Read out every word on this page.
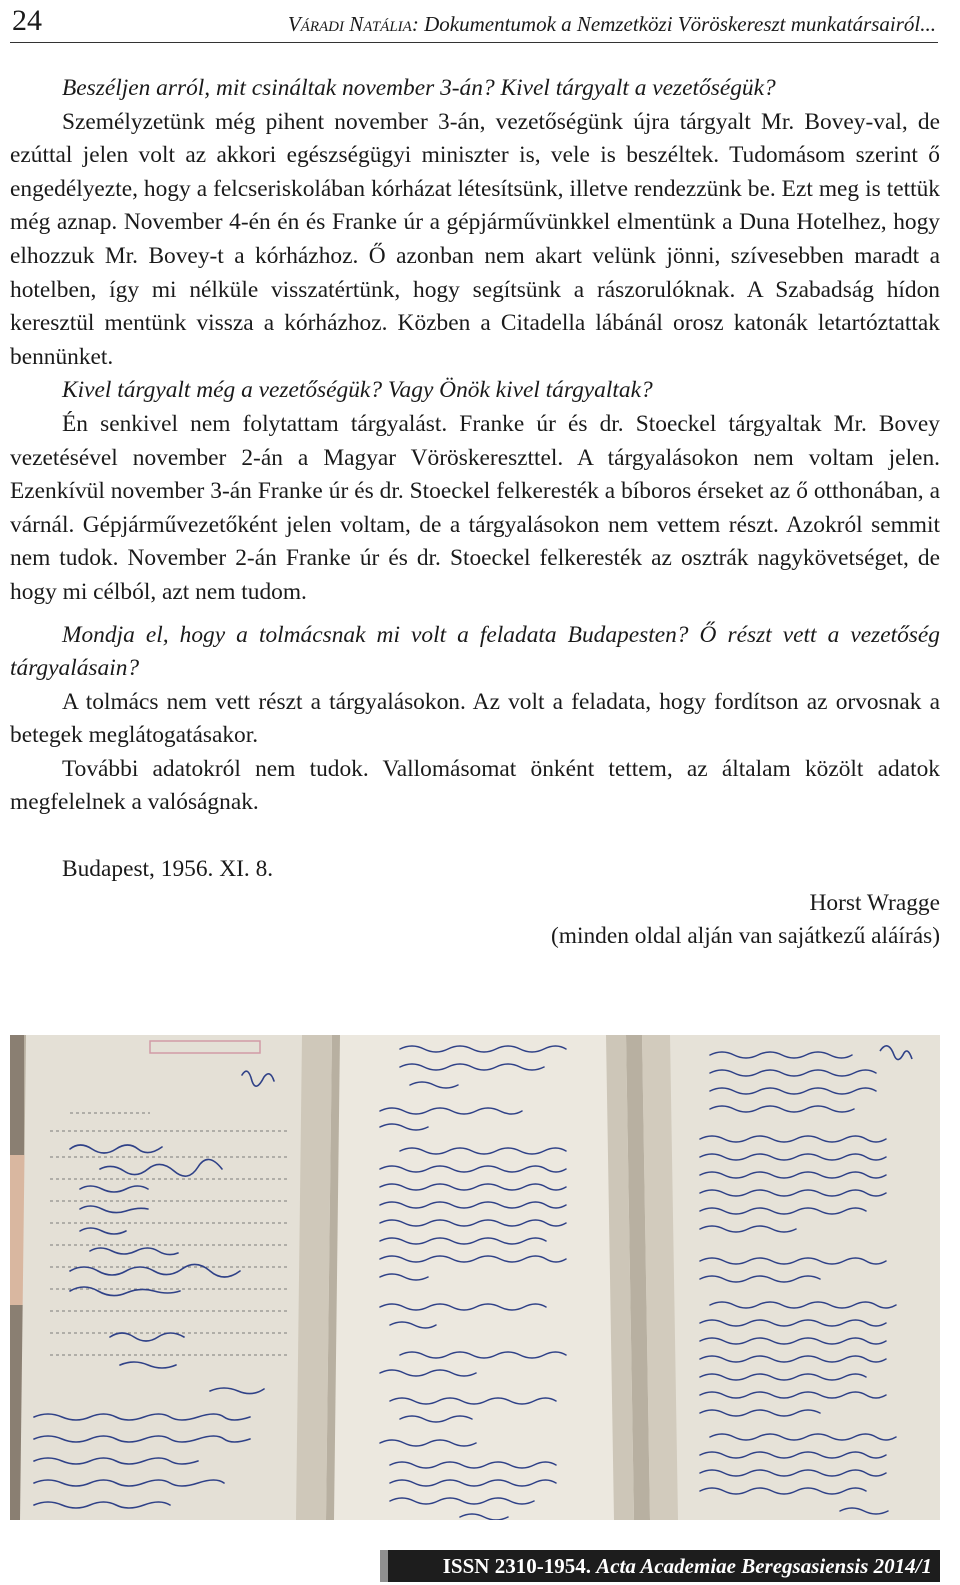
24	Váradi Natália: Dokumentumok a Nemzetközi Vöröskereszt munkatársairól...

Beszéljen arról, mit csináltak november 3-án? Kivel tárgyalt a vezetőségük?

Személyzetünk még pihent november 3-án, vezetőségünk újra tárgyalt Mr. Bovey-val, de ezúttal jelen volt az akkori egészségügyi miniszter is, vele is beszéltek. Tudomásom szerint ő engedélyezte, hogy a felcseriskolában kórházat létesítsünk, illetve rendezzünk be. Ezt meg is tettük még aznap. November 4-én én és Franke úr a gépjárművünkkel elmentünk a Duna Hotelhez, hogy elhozzuk Mr. Bovey-t a kórházhoz. Ő azonban nem akart velünk jönni, szívesebben maradt a hotelben, így mi nélküle visszatértünk, hogy segítsünk a rászorulóknak. A Szabadság hídon keresztül mentünk vissza a kórházhoz. Közben a Citadella lábánál orosz katonák letartóztattak bennünket.

Kivel tárgyalt még a vezetőségük? Vagy Önök kivel tárgyaltak?

Én senkivel nem folytattam tárgyalást. Franke úr és dr. Stoeckel tárgyaltak Mr. Bovey vezetésével november 2-án a Magyar Vöröskereszttel. A tárgyalásokon nem voltam jelen. Ezenkívül november 3-án Franke úr és dr. Stoeckel felkeresték a bíboros érseket az ő otthonában, a várnál. Gépjárművezetőként jelen voltam, de a tárgyalásokon nem vettem részt. Azokról semmit nem tudok. November 2-án Franke úr és dr. Stoeckel felkeresték az osztrák nagykövetséget, de hogy mi célból, azt nem tudom.

Mondja el, hogy a tolmácsnak mi volt a feladata Budapesten? Ő részt vett a vezetőség tárgyalásain?

A tolmács nem vett részt a tárgyalásokon. Az volt a feladata, hogy fordítson az orvosnak a betegek meglátogatásakor.

További adatokról nem tudok. Vallomásomat önként tettem, az általam közölt adatok megfelelnek a valóságnak.

Budapest, 1956. XI. 8.

Horst Wragge

(minden oldal alján van sajátkezű aláírás)

ISSN 2310-1954. Acta Academiae Beregsasiensis 2014/1
